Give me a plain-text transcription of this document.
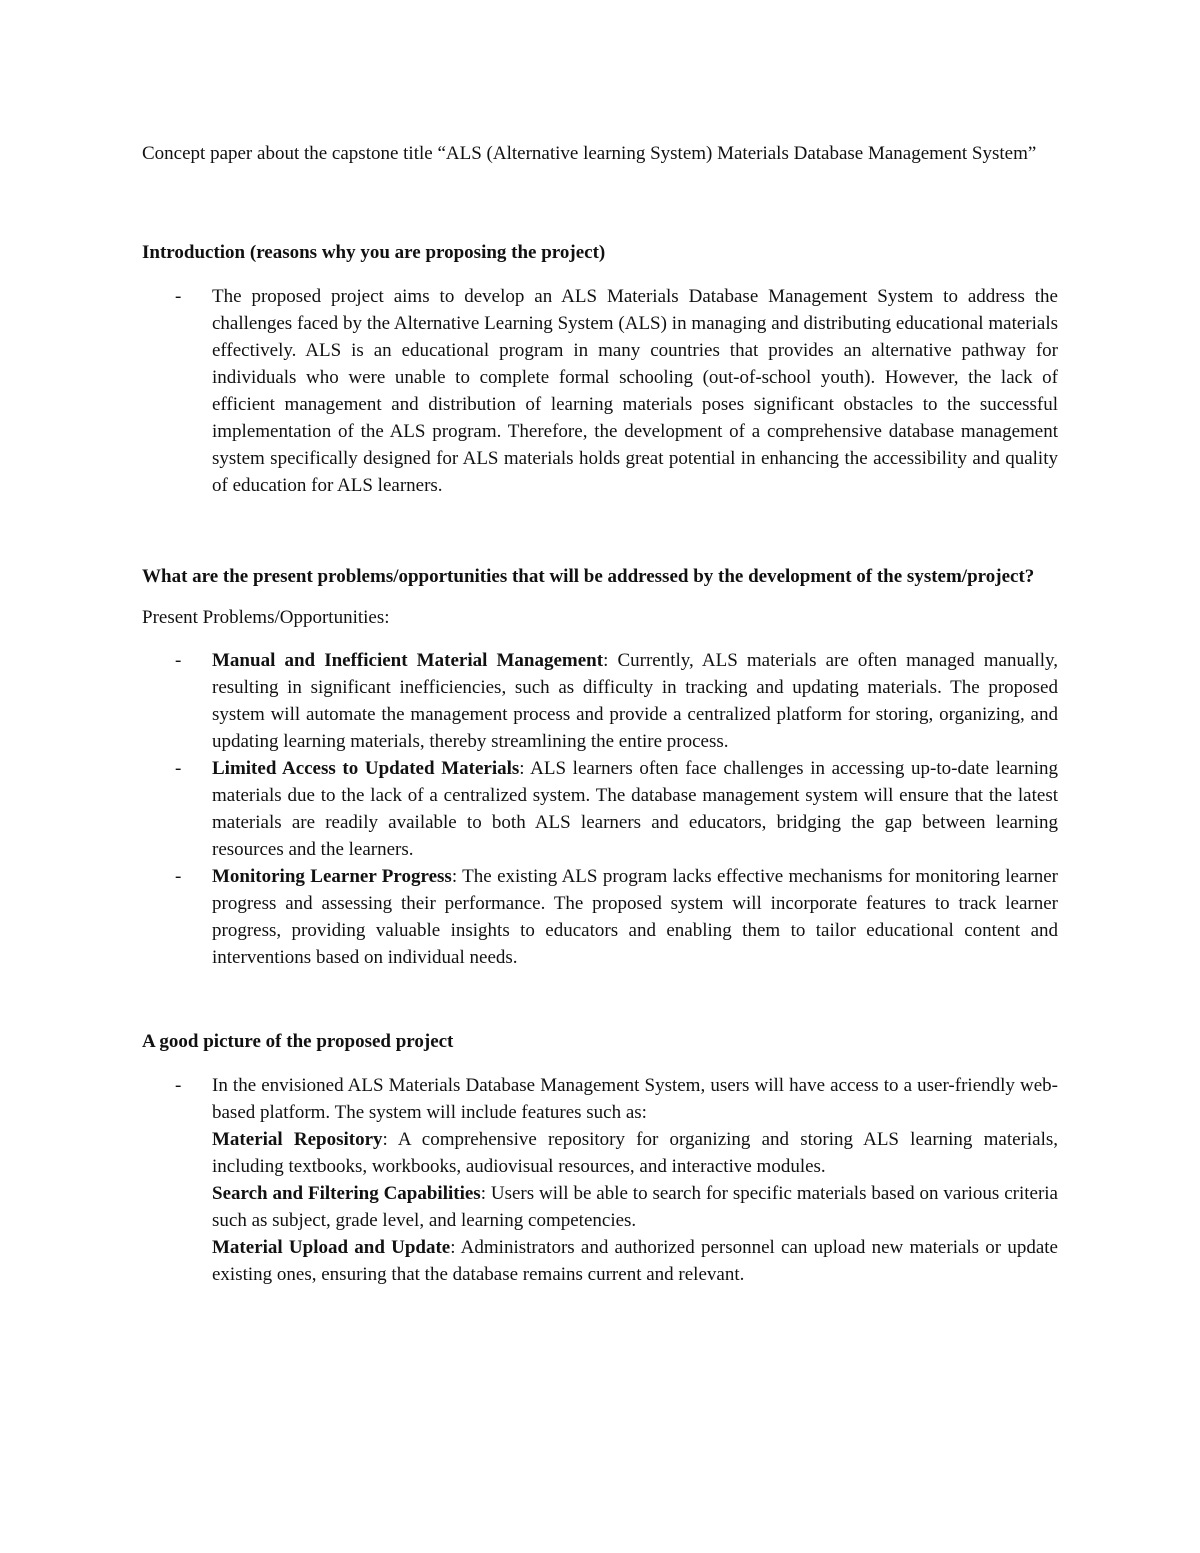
Concept paper about the capstone title “ALS (Alternative learning System) Materials Database Management System”

Introduction (reasons why you are proposing the project)

- The proposed project aims to develop an ALS Materials Database Management System to address the challenges faced by the Alternative Learning System (ALS) in managing and distributing educational materials effectively. ALS is an educational program in many countries that provides an alternative pathway for individuals who were unable to complete formal schooling (out-of-school youth). However, the lack of efficient management and distribution of learning materials poses significant obstacles to the successful implementation of the ALS program. Therefore, the development of a comprehensive database management system specifically designed for ALS materials holds great potential in enhancing the accessibility and quality of education for ALS learners.

What are the present problems/opportunities that will be addressed by the development of the system/project?

Present Problems/Opportunities:

- Manual and Inefficient Material Management: Currently, ALS materials are often managed manually, resulting in significant inefficiencies, such as difficulty in tracking and updating materials. The proposed system will automate the management process and provide a centralized platform for storing, organizing, and updating learning materials, thereby streamlining the entire process.
- Limited Access to Updated Materials: ALS learners often face challenges in accessing up-to-date learning materials due to the lack of a centralized system. The database management system will ensure that the latest materials are readily available to both ALS learners and educators, bridging the gap between learning resources and the learners.
- Monitoring Learner Progress: The existing ALS program lacks effective mechanisms for monitoring learner progress and assessing their performance. The proposed system will incorporate features to track learner progress, providing valuable insights to educators and enabling them to tailor educational content and interventions based on individual needs.

A good picture of the proposed project

- In the envisioned ALS Materials Database Management System, users will have access to a user-friendly web-based platform. The system will include features such as:

Material Repository: A comprehensive repository for organizing and storing ALS learning materials, including textbooks, workbooks, audiovisual resources, and interactive modules.

Search and Filtering Capabilities: Users will be able to search for specific materials based on various criteria such as subject, grade level, and learning competencies.

Material Upload and Update: Administrators and authorized personnel can upload new materials or update existing ones, ensuring that the database remains current and relevant.
